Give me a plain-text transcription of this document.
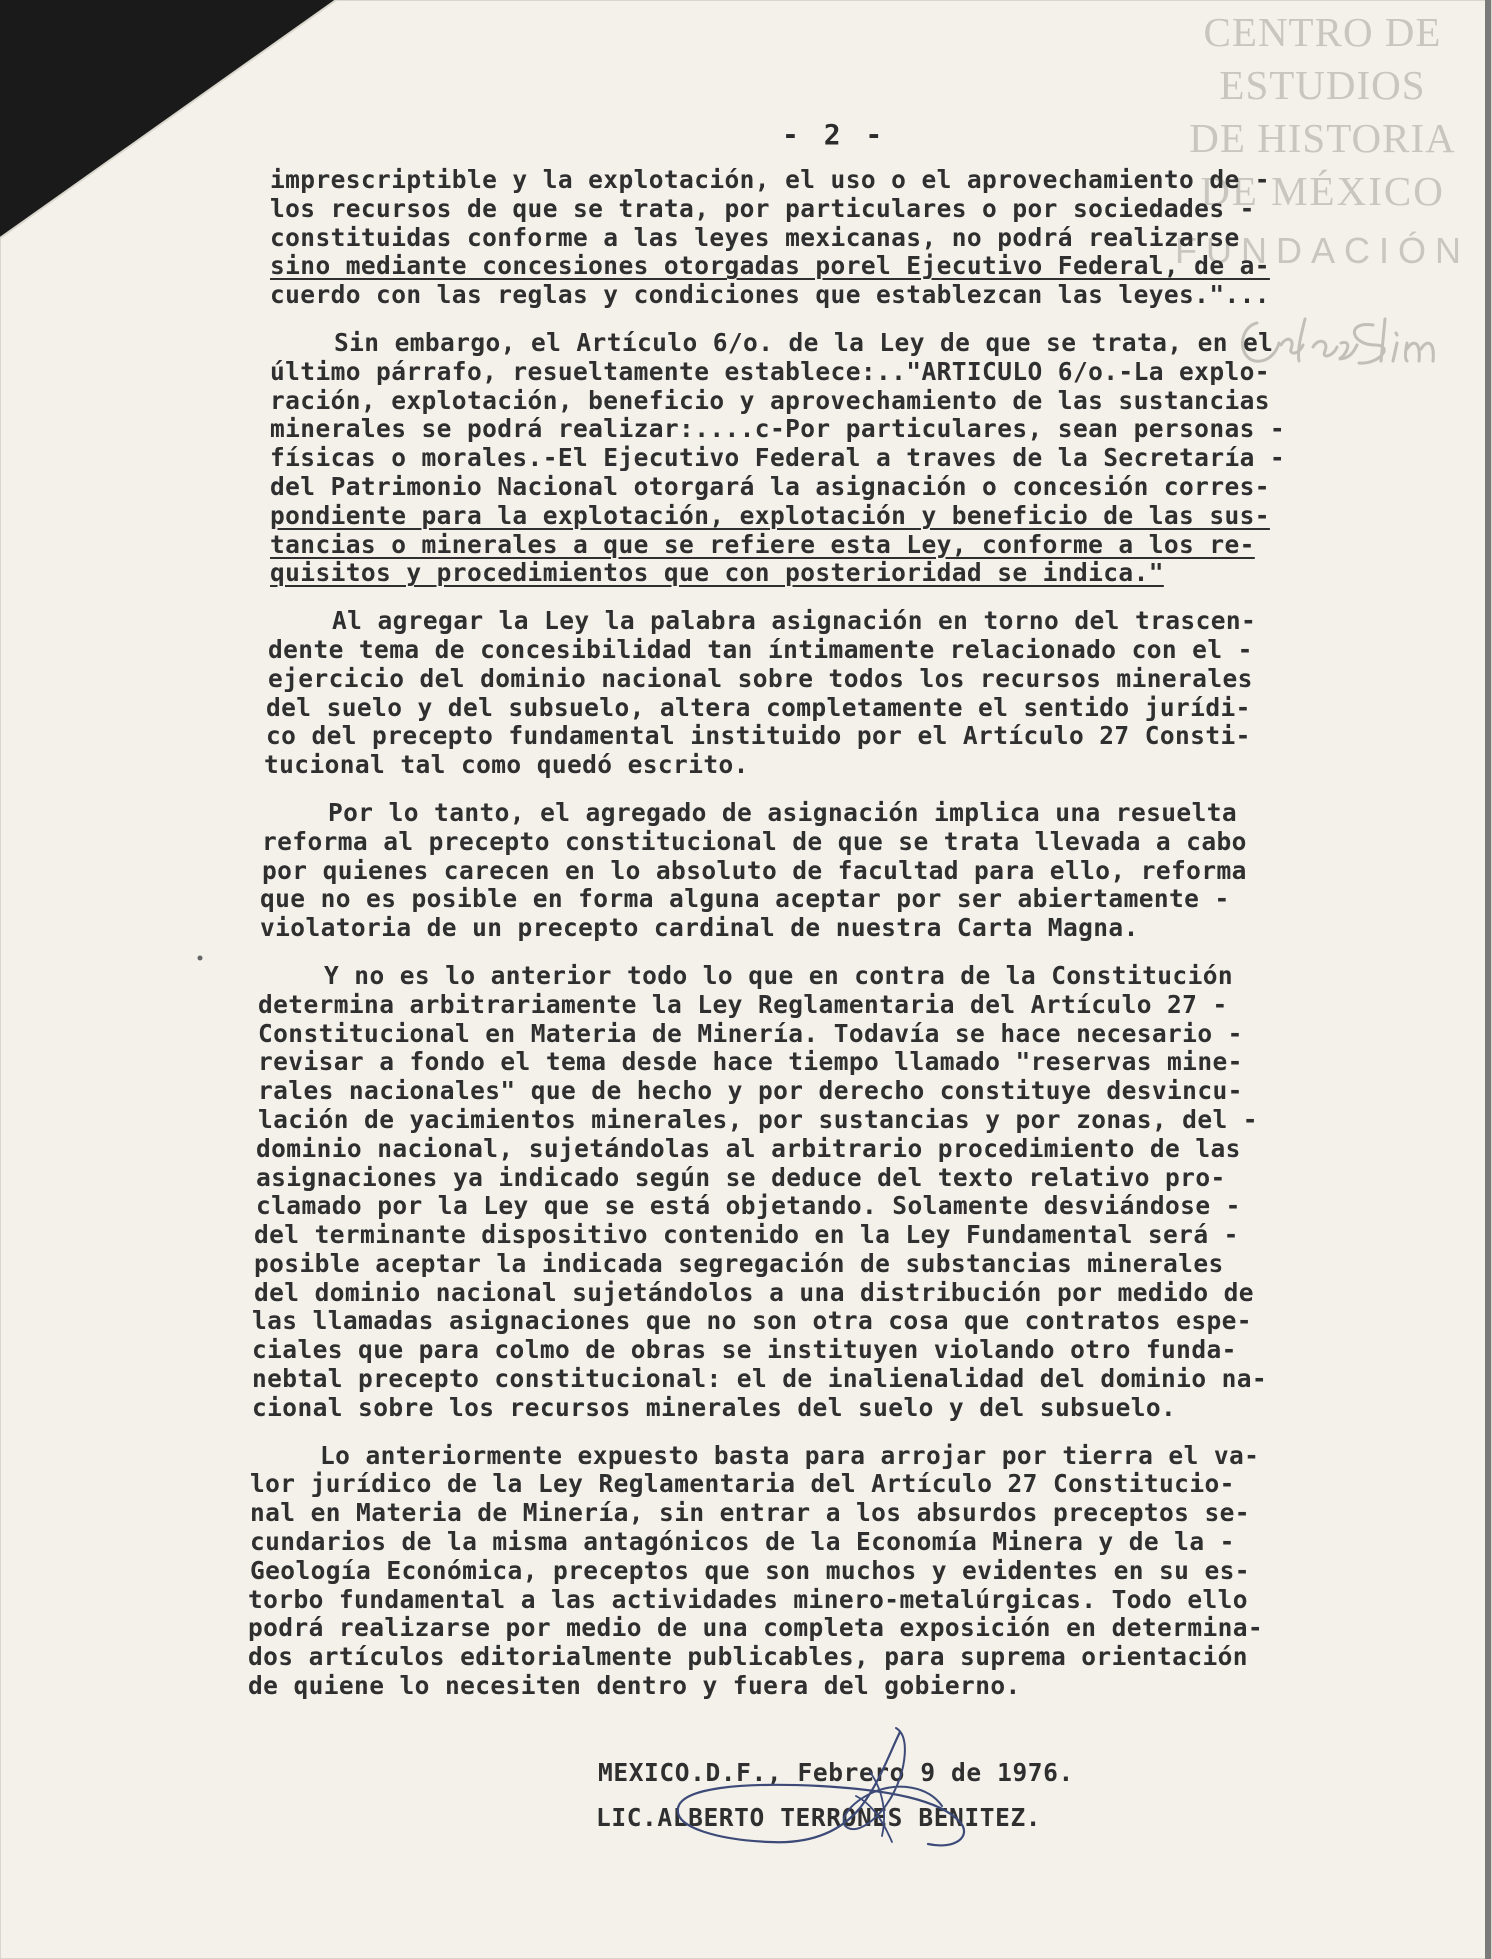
CENTRO DE
ESTUDIOS
DE HISTORIA
DE MÉXICO
FUNDACIÓN
- 2 -
imprescriptible y la explotación, el uso o el aprovechamiento de -
los recursos de que se trata, por particulares o por sociedades -
constituidas conforme a las leyes mexicanas, no podrá realizarse
sino mediante concesiones otorgadas porel Ejecutivo Federal, de a-
cuerdo con las reglas y condiciones que establezcan las leyes."...
Sin embargo, el Artículo 6/o. de la Ley de que se trata, en el
último párrafo, resueltamente establece:.."ARTICULO 6/o.-La explo-
ración, explotación, beneficio y aprovechamiento de las sustancias
minerales se podrá realizar:....c-Por particulares, sean personas -
físicas o morales.-El Ejecutivo Federal a traves de la Secretaría -
del Patrimonio Nacional otorgará la asignación o concesión corres-
pondiente para la explotación, explotación y beneficio de las sus-
tancias o minerales a que se refiere esta Ley, conforme a los re-
quisitos y procedimientos que con posterioridad se indica."
Al agregar la Ley la palabra asignación en torno del trascen-
dente tema de concesibilidad tan íntimamente relacionado con el -
ejercicio del dominio nacional sobre todos los recursos minerales
del suelo y del subsuelo, altera completamente el sentido jurídi-
co del precepto fundamental instituido por el Artículo 27 Consti-
tucional tal como quedó escrito.
Por lo tanto, el agregado de asignación implica una resuelta
reforma al precepto constitucional de que se trata llevada a cabo
por quienes carecen en lo absoluto de facultad para ello, reforma
que no es posible en forma alguna aceptar por ser abiertamente -
violatoria de un precepto cardinal de nuestra Carta Magna.
Y no es lo anterior todo lo que en contra de la Constitución
determina arbitrariamente la Ley Reglamentaria del Artículo 27 -
Constitucional en Materia de Minería. Todavía se hace necesario -
revisar a fondo el tema desde hace tiempo llamado "reservas mine-
rales nacionales" que de hecho y por derecho constituye desvincu-
lación de yacimientos minerales, por sustancias y por zonas, del -
dominio nacional, sujetándolas al arbitrario procedimiento de las
asignaciones ya indicado según se deduce del texto relativo pro-
clamado por la Ley que se está objetando. Solamente desviándose -
del terminante dispositivo contenido en la Ley Fundamental será -
posible aceptar la indicada segregación de substancias minerales
del dominio nacional sujetándolos a una distribución por medido de
las llamadas asignaciones que no son otra cosa que contratos espe-
ciales que para colmo de obras se instituyen violando otro funda-
nebtal precepto constitucional: el de inalienalidad del dominio na-
cional sobre los recursos minerales del suelo y del subsuelo.
Lo anteriormente expuesto basta para arrojar por tierra el va-
lor jurídico de la Ley Reglamentaria del Artículo 27 Constitucio-
nal en Materia de Minería, sin entrar a los absurdos preceptos se-
cundarios de la misma antagónicos de la Economía Minera y de la -
Geología Económica, preceptos que son muchos y evidentes en su es-
torbo fundamental a las actividades minero-metalúrgicas. Todo ello
podrá realizarse por medio de una completa exposición en determina-
dos artículos editorialmente publicables, para suprema orientación
de quiene lo necesiten dentro y fuera del gobierno.
MEXICO.D.F., Febrero 9 de 1976.
LIC.ALBERTO TERRONES BENITEZ.
